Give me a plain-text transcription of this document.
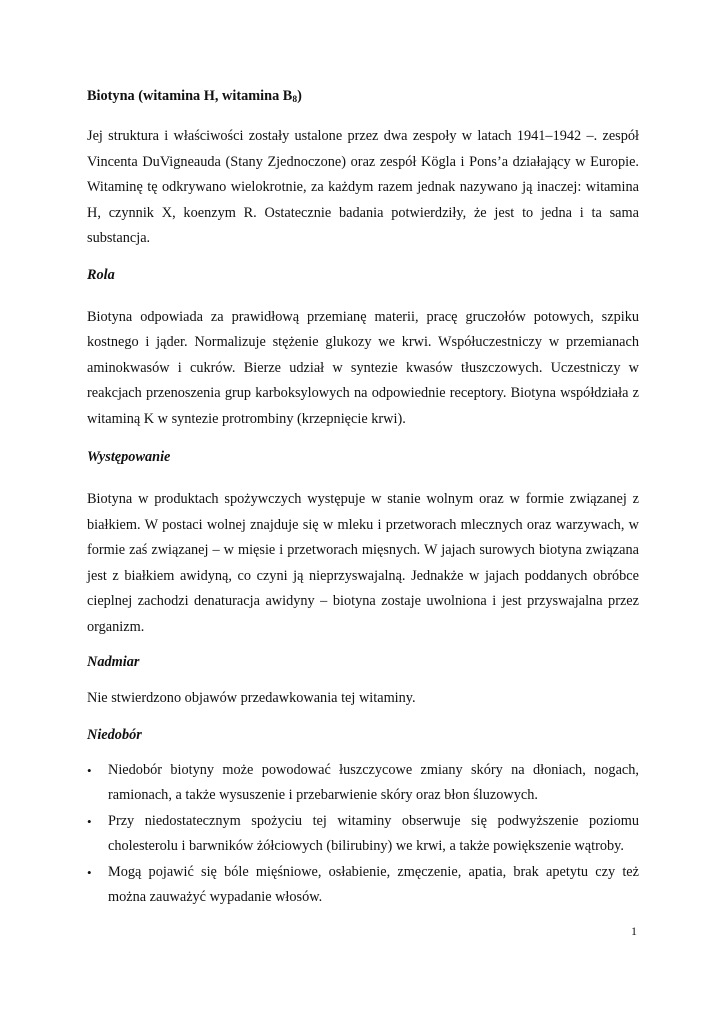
Biotyna (witamina H, witamina $B_8$)

Jej struktura i właściwości zostały ustalone przez dwa zespoły w latach 1941–1942 –. zespół Vincenta DuVigneauda (Stany Zjednoczone) oraz zespół Kögla i Pons’a działający w Europie. Witaminę tę odkrywano wielokrotnie, za każdym razem jednak nazywano ją inaczej: witamina H, czynnik X, koenzym R. Ostatecznie badania potwierdziły, że jest to jedna i ta sama substancja.

Rola

Biotyna odpowiada za prawidłową przemianę materii, pracę gruczołów potowych, szpiku kostnego i jąder. Normalizuje stężenie glukozy we krwi. Współuczestniczy w przemianach aminokwasów i cukrów. Bierze udział w syntezie kwasów tłuszczowych. Uczestniczy w reakcjach przenoszenia grup karboksylowych na odpowiednie receptory. Biotyna współdziała z witaminą K w syntezie protrombiny (krzepnięcie krwi).

Występowanie

Biotyna w produktach spożywczych występuje w stanie wolnym oraz w formie związanej z białkiem. W postaci wolnej znajduje się w mleku i przetworach mlecznych oraz warzywach, w formie zaś związanej – w mięsie i przetworach mięsnych. W jajach surowych biotyna związana jest z białkiem awidyną, co czyni ją nieprzyswajalną. Jednakże w jajach poddanych obróbce cieplnej zachodzi denaturacja awidyny – biotyna zostaje uwolniona i jest przyswajalna przez organizm.

Nadmiar

Nie stwierdzono objawów przedawkowania tej witaminy.

Niedobór

• Niedobór biotyny może powodować łuszczycowe zmiany skóry na dłoniach, nogach, ramionach, a także wysuszenie i przebarwienie skóry oraz błon śluzowych.
• Przy niedostatecznym spożyciu tej witaminy obserwuje się podwyższenie poziomu cholesterolu i barwników żółciowych (bilirubiny) we krwi, a także powiększenie wątroby.
• Mogą pojawić się bóle mięśniowe, osłabienie, zmęczenie, apatia, brak apetytu czy też można zauważyć wypadanie włosów.
1
